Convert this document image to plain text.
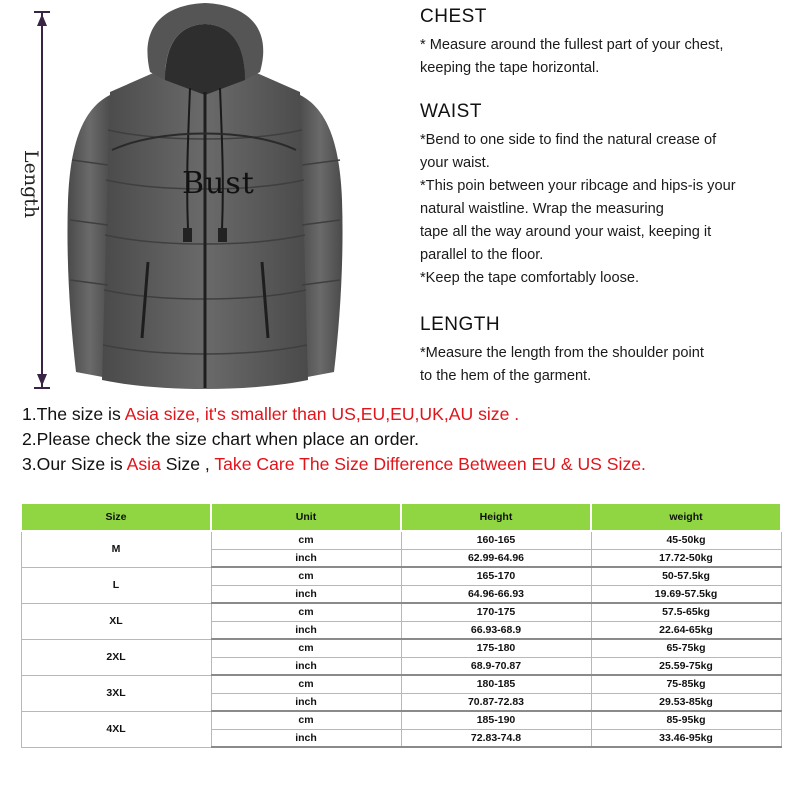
Length	Bust
CHEST
* Measure around the fullest part of your chest,
keeping the tape horizontal.
WAIST
*Bend to one side to find the natural crease of
your waist.
*This poin between your ribcage and hips-is your
natural waistline. Wrap the measuring
tape all the way around your waist, keeping it
parallel to the floor.
*Keep the tape comfortably loose.
LENGTH
*Measure the length from the shoulder point
to the hem of the garment.
1.The size is Asia size, it's smaller than US,EU,EU,UK,AU size .
2.Please check the size chart when place an order.
3.Our Size is Asia Size , Take Care The Size Difference Between EU & US Size.
Size	Unit	Height	weight
M	cm	160-165	45-50kg
	inch	62.99-64.96	17.72-50kg
L	cm	165-170	50-57.5kg
	inch	64.96-66.93	19.69-57.5kg
XL	cm	170-175	57.5-65kg
	inch	66.93-68.9	22.64-65kg
2XL	cm	175-180	65-75kg
	inch	68.9-70.87	25.59-75kg
3XL	cm	180-185	75-85kg
	inch	70.87-72.83	29.53-85kg
4XL	cm	185-190	85-95kg
	inch	72.83-74.8	33.46-95kg
